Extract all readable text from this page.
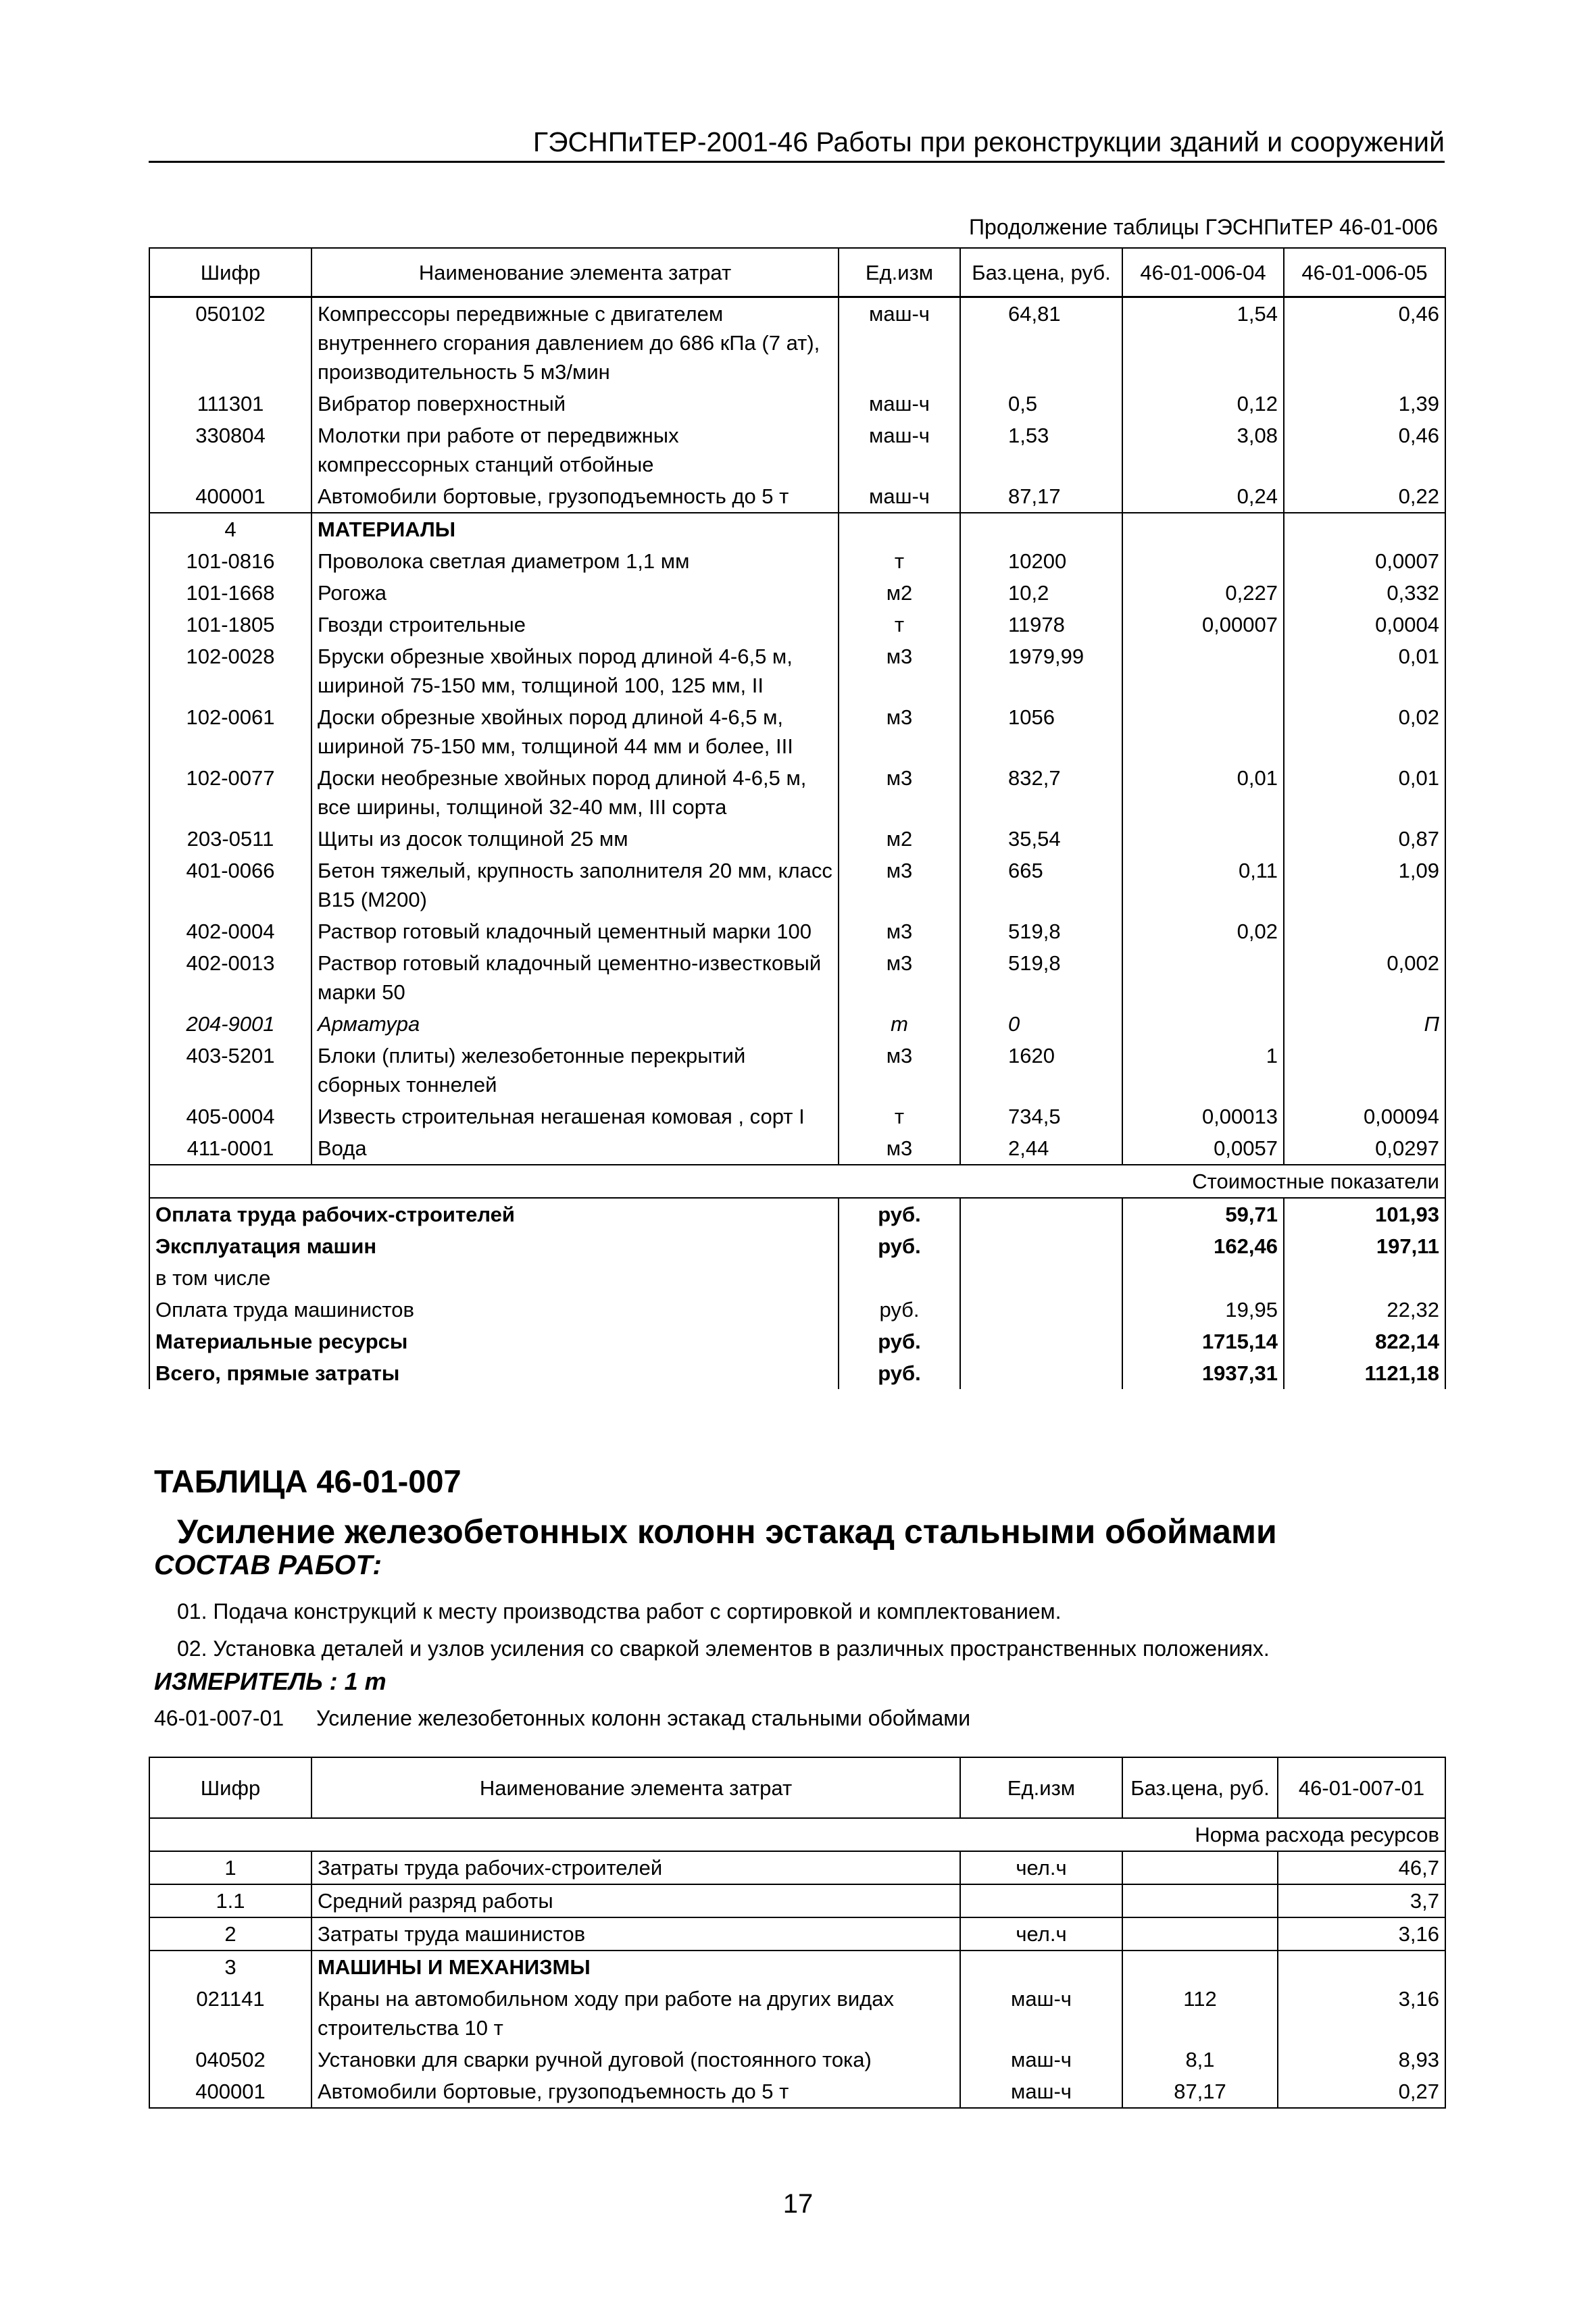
ГЭСНПиТЕР-2001-46 Работы при реконструкции зданий и сооружений
Продолжение таблицы ГЭСНПиТЕР 46-01-006
Шифр	Наименование элемента затрат	Ед.изм	Баз.цена, руб.	46-01-006-04	46-01-006-05
050102	Компрессоры передвижные с двигателем внутреннего сгорания давлением до 686 кПа (7 ат), производительность 5 м3/мин	маш-ч	64,81	1,54	0,46
111301	Вибратор поверхностный	маш-ч	0,5	0,12	1,39
330804	Молотки при работе от передвижных компрессорных станций отбойные	маш-ч	1,53	3,08	0,46
400001	Автомобили бортовые, грузоподъемность до 5 т	маш-ч	87,17	0,24	0,22
4	МАТЕРИАЛЫ				
101-0816	Проволока светлая диаметром 1,1 мм	т	10200		0,0007
101-1668	Рогожа	м2	10,2	0,227	0,332
101-1805	Гвозди строительные	т	11978	0,00007	0,0004
102-0028	Бруски обрезные хвойных пород длиной 4-6,5 м, шириной 75-150 мм, толщиной 100, 125 мм, II	м3	1979,99		0,01
102-0061	Доски обрезные хвойных пород длиной 4-6,5 м, шириной 75-150 мм, толщиной 44 мм и более, III	м3	1056		0,02
102-0077	Доски необрезные хвойных пород длиной 4-6,5 м, все ширины, толщиной 32-40 мм, III сорта	м3	832,7	0,01	0,01
203-0511	Щиты из досок толщиной 25 мм	м2	35,54		0,87
401-0066	Бетон тяжелый, крупность заполнителя 20 мм, класс В15 (М200)	м3	665	0,11	1,09
402-0004	Раствор готовый кладочный цементный марки 100	м3	519,8	0,02	
402-0013	Раствор готовый кладочный цементно-известковый марки 50	м3	519,8		0,002
204-9001	Арматура	т	0		П
403-5201	Блоки (плиты) железобетонные перекрытий сборных тоннелей	м3	1620	1	
405-0004	Известь строительная негашеная комовая , сорт I	т	734,5	0,00013	0,00094
411-0001	Вода	м3	2,44	0,0057	0,0297
Стоимостные показатели					
Оплата труда рабочих-строителей		руб.		59,71	101,93
Эксплуатация машин		руб.		162,46	197,11
в том числе					
Оплата труда машинистов		руб.		19,95	22,32
Материальные ресурсы		руб.		1715,14	822,14
Всего, прямые затраты		руб.		1937,31	1121,18
ТАБЛИЦА 46-01-007
Усиление железобетонных колонн эстакад стальными обоймами
СОСТАВ РАБОТ:
01. Подача конструкций к месту производства работ с сортировкой и комплектованием.
02. Установка деталей и узлов усиления со сваркой элементов в различных пространственных положениях.
ИЗМЕРИТЕЛЬ : 1 т
46-01-007-01 Усиление железобетонных колонн эстакад стальными обоймами
Шифр	Наименование элемента затрат	Ед.изм	Баз.цена, руб.	46-01-007-01
Норма расхода ресурсов				
1	Затраты труда рабочих-строителей	чел.ч		46,7
1.1	Средний разряд работы			3,7
2	Затраты труда машинистов	чел.ч		3,16
3	МАШИНЫ И МЕХАНИЗМЫ			
021141	Краны на автомобильном ходу при работе на других видах строительства 10 т	маш-ч	112	3,16
040502	Установки для сварки ручной дуговой (постоянного тока)	маш-ч	8,1	8,93
400001	Автомобили бортовые, грузоподъемность до 5 т	маш-ч	87,17	0,27
17
